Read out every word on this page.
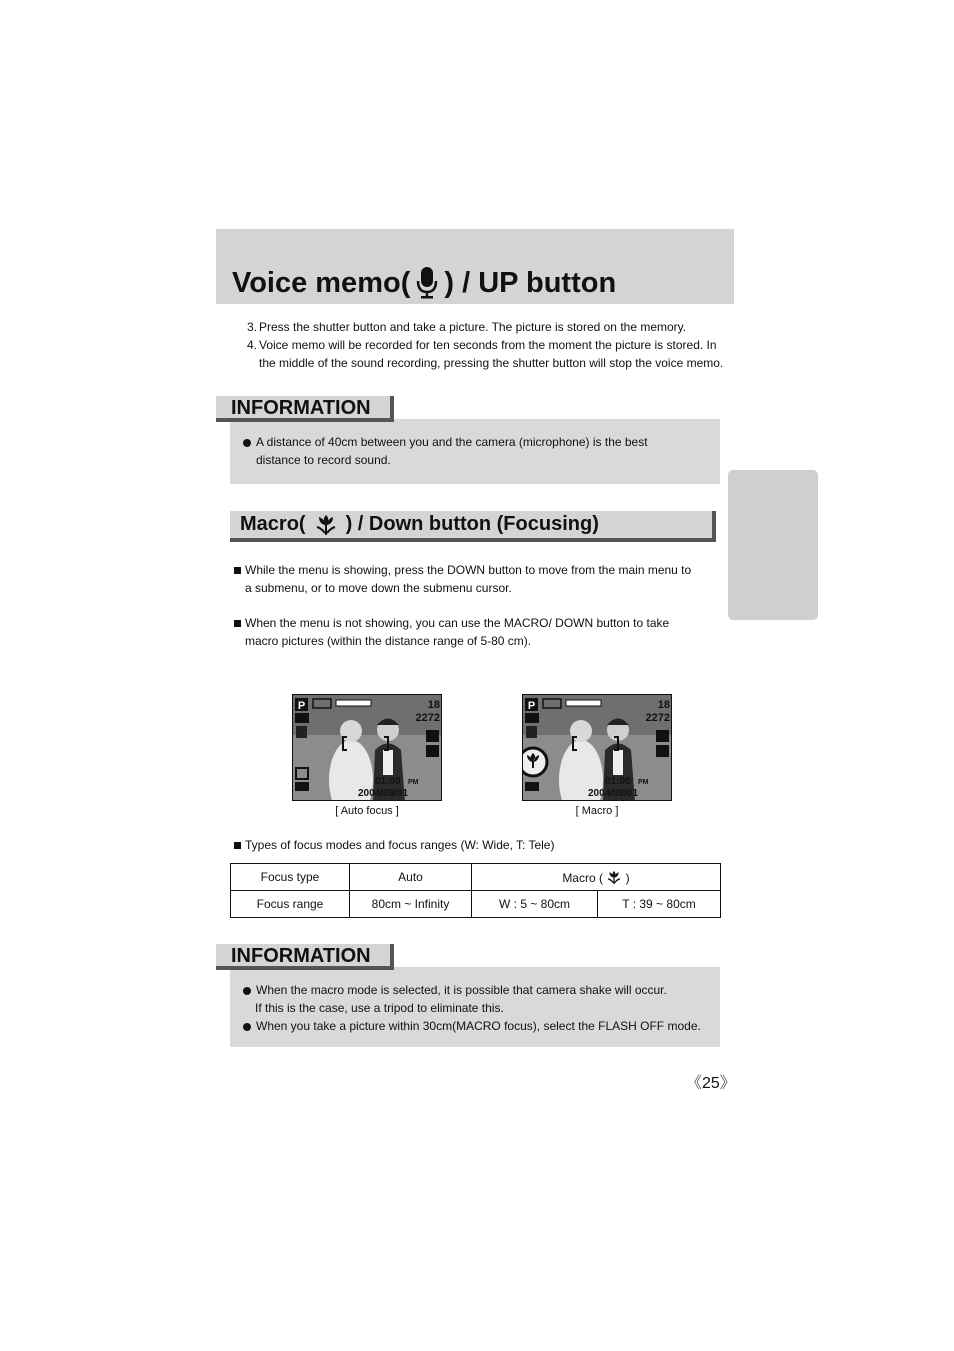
Voice memo( ) / UP button
3. Press the shutter button and take a picture. The picture is stored on the memory.
4. Voice memo will be recorded for ten seconds from the moment the picture is stored. In the middle of the sound recording, pressing the shutter button will stop the voice memo.
INFORMATION
A distance of 40cm between you and the camera (microphone) is the best distance to record sound.
Macro( ) / Down button (Focusing)
While the menu is showing, press the DOWN button to move from the main menu to a submenu, or to move down the submenu cursor.
When the menu is not showing, you can use the MACRO/ DOWN button to take macro pictures (within the distance range of 5-80 cm).
P	18
2272
01:00 PM
2004/09/01
[ Auto focus ]
P	18
2272
01:00 PM
2004/09/01
[ Macro ]
Types of focus modes and focus ranges (W: Wide, T: Tele)
Focus type	Auto	Macro ( )	
Focus range	80cm ~ Infinity	W : 5 ~ 80cm	T : 39 ~ 80cm
INFORMATION
When the macro mode is selected, it is possible that camera shake will occur.
If this is the case, use a tripod to eliminate this.
When you take a picture within 30cm(MACRO focus), select the FLASH OFF mode.
《25》
